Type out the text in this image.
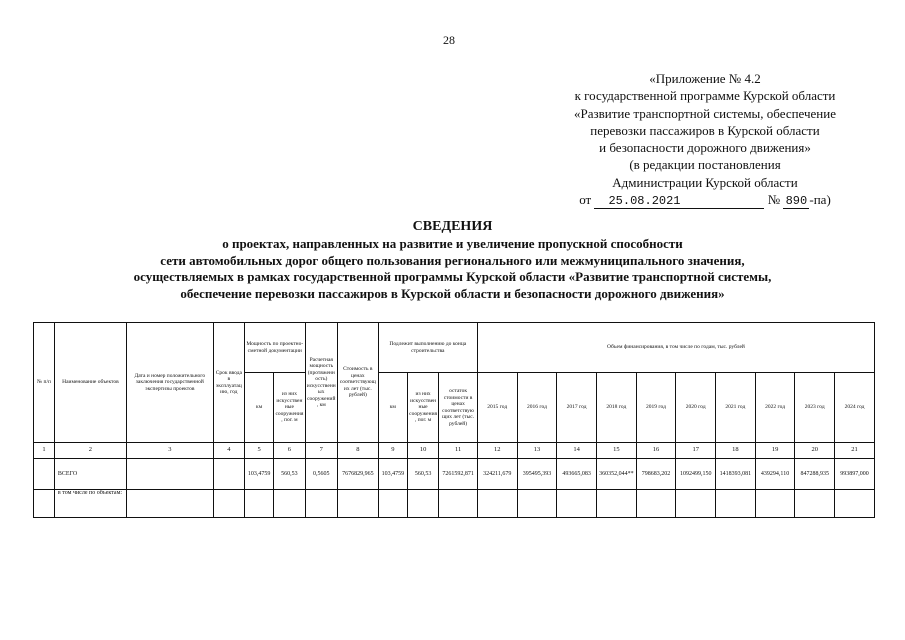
28
«Приложение № 4.2
к государственной программе Курской области
«Развитие транспортной системы, обеспечение
перевозки пассажиров в Курской области
и безопасности дорожного движения»
(в редакции постановления
Администрации Курской области
от 25.08.2021	№ 890 -па)
СВЕДЕНИЯ
о проектах, направленных на развитие и увеличение пропускной способности
сети автомобильных дорог общего пользования регионального или межмуниципального значения,
осуществляемых в рамках государственной программы Курской области «Развитие транспортной системы,
обеспечение перевозки пассажиров в Курской области и безопасности дорожного движения»
№ п/п	Наименование объектов	Дата и номер положительного заключения государственной экспертизы проектов	Срок ввода в эксплуатацию, год	Мощность по проектно-сметной документации		Расчетная мощность (протяженность) искусственных сооружений, км	Стоимость в ценах соответствующих лет (тыс. рублей)	Подлежит выполнению до конца строительства			Объем финансирования, в том числе по годам, тыс. рублей									
				км	из них искусственные сооружения, пог. м			км	из них искусственные сооружения, пог. м	остаток стоимости в ценах соответствующих лет (тыс. рублей)	2015 год	2016 год	2017 год	2018 год	2019 год	2020 год	2021 год	2022 год	2023 год	2024 год
1	2	3	4	5	6	7	8	9	10	11	12	13	14	15	16	17	18	19	20	21
	ВСЕГО			103,4759	560,53	0,5605	7676829,965	103,4759	560,53	7261592,871	324211,679	395495,393	493665,083	360352,044**	798683,202	1092499,150	1418393,081	439294,110	847288,935	993897,000
	в том числе по объектам:																			
